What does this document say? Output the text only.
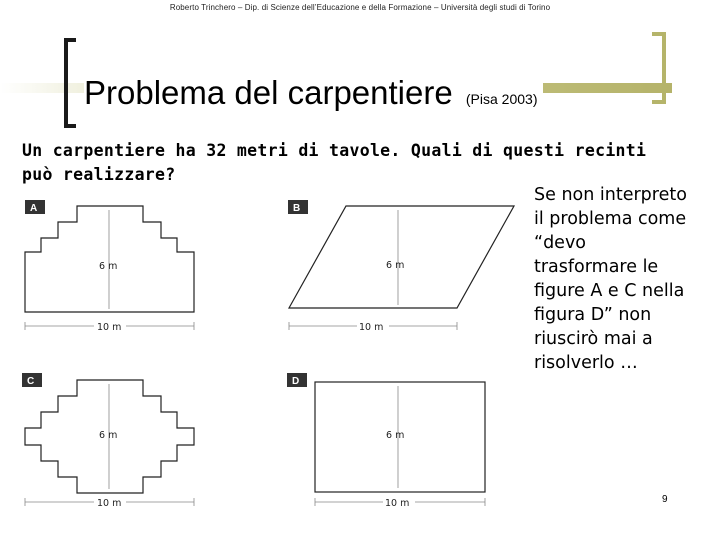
Roberto Trinchero – Dip. di Scienze dell’Educazione e della Formazione – Università degli studi di Torino
Problema del carpentiere (Pisa 2003)
Un carpentiere ha 32 metri di tavole. Quali di questi recinti può realizzare?
Se non interpreto
il problema come
“devo
trasformare le
figure A e C nella
figura D” non
riuscirò mai a
risolverlo …
A
6 m
10 m
B
6 m
10 m
C
6 m
10 m
D
6 m
10 m	9
